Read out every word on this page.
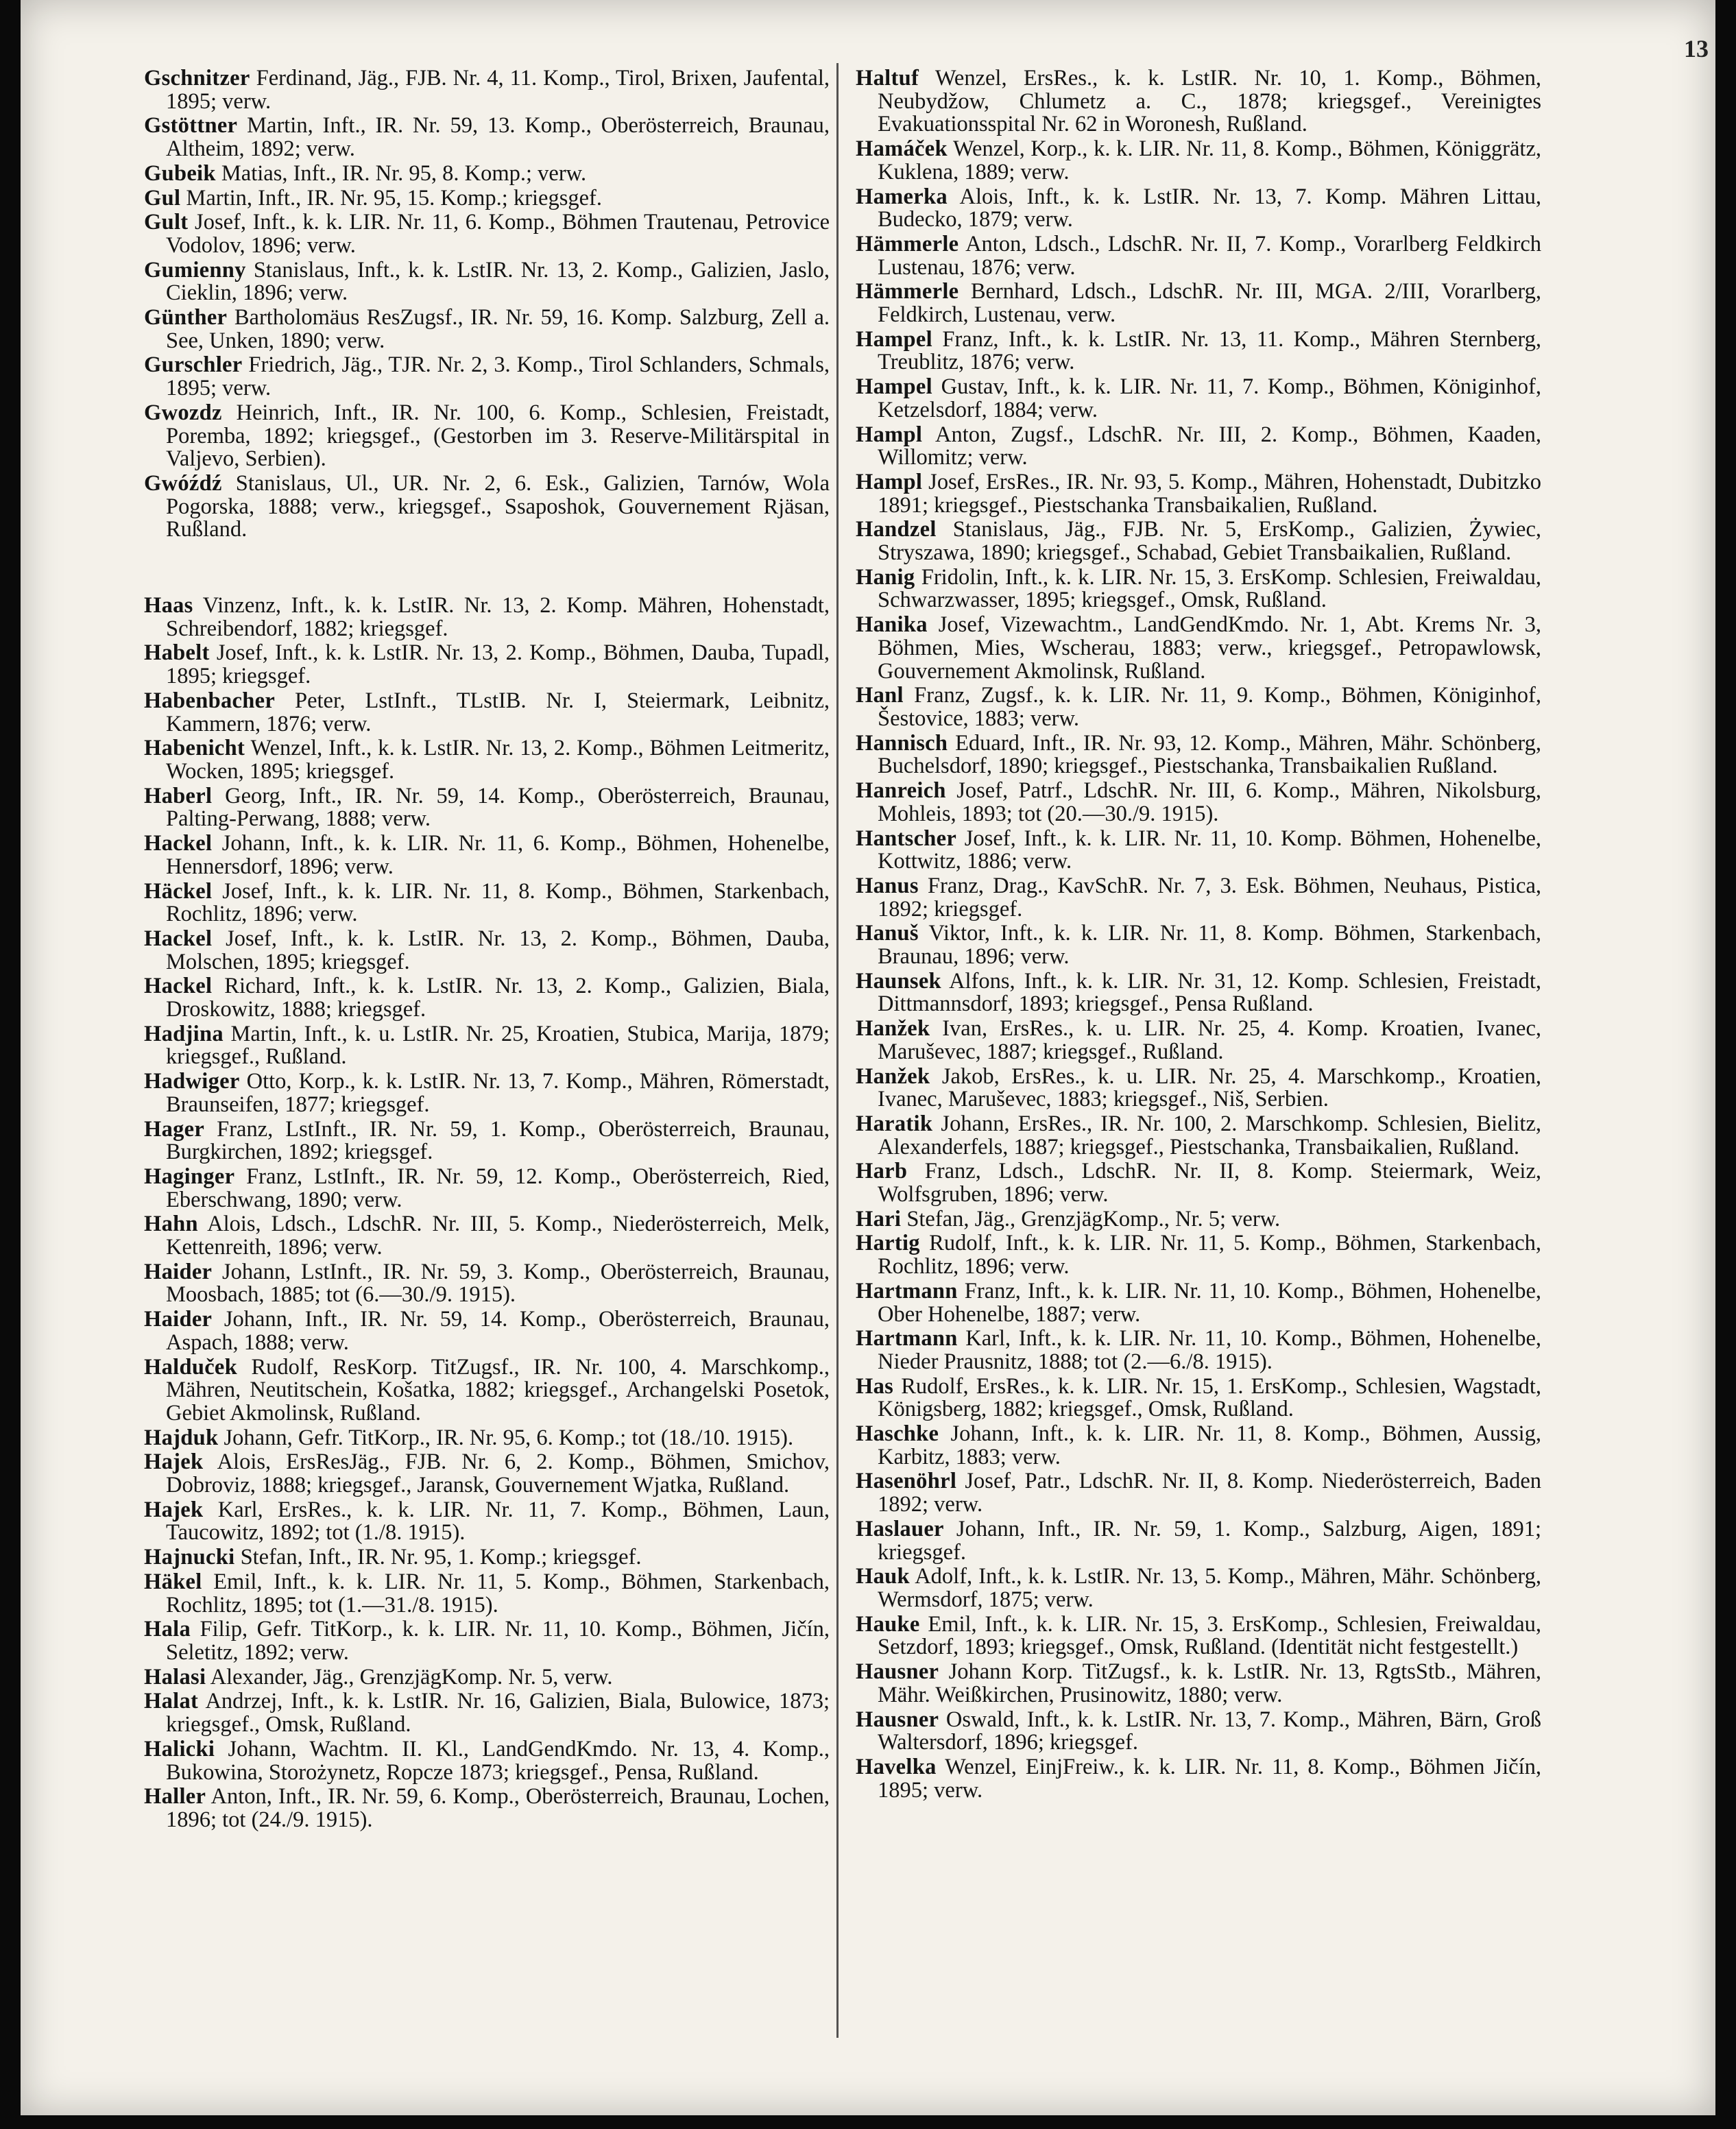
13

Gschnitzer Ferdinand, Jäg., FJB. Nr. 4, 11. Komp., Tirol, Brixen, Jaufental, 1895; verw.

Gstöttner Martin, Inft., IR. Nr. 59, 13. Komp., Oberösterreich, Braunau, Altheim, 1892; verw.

Gubeik Matias, Inft., IR. Nr. 95, 8. Komp.; verw.

Gul Martin, Inft., IR. Nr. 95, 15. Komp.; kriegsgef.

Gult Josef, Inft., k. k. LIR. Nr. 11, 6. Komp., Böhmen Trautenau, Petrovice Vodolov, 1896; verw.

Gumienny Stanislaus, Inft., k. k. LstIR. Nr. 13, 2. Komp., Galizien, Jaslo, Cieklin, 1896; verw.

Günther Bartholomäus ResZugsf., IR. Nr. 59, 16. Komp. Salzburg, Zell a. See, Unken, 1890; verw.

Gurschler Friedrich, Jäg., TJR. Nr. 2, 3. Komp., Tirol Schlanders, Schmals, 1895; verw.

Gwozdz Heinrich, Inft., IR. Nr. 100, 6. Komp., Schlesien, Freistadt, Poremba, 1892; kriegsgef., (Gestorben im 3. Reserve-Militärspital in Valjevo, Serbien).

Gwóźdź Stanislaus, Ul., UR. Nr. 2, 6. Esk., Galizien, Tarnów, Wola Pogorska, 1888; verw., kriegsgef., Ssaposhok, Gouvernement Rjäsan, Rußland.

Haas Vinzenz, Inft., k. k. LstIR. Nr. 13, 2. Komp. Mähren, Hohenstadt, Schreibendorf, 1882; kriegsgef.

Habelt Josef, Inft., k. k. LstIR. Nr. 13, 2. Komp., Böhmen, Dauba, Tupadl, 1895; kriegsgef.

Habenbacher Peter, LstInft., TLstIB. Nr. I, Steiermark, Leibnitz, Kammern, 1876; verw.

Habenicht Wenzel, Inft., k. k. LstIR. Nr. 13, 2. Komp., Böhmen Leitmeritz, Wocken, 1895; kriegsgef.

Haberl Georg, Inft., IR. Nr. 59, 14. Komp., Oberösterreich, Braunau, Palting-Perwang, 1888; verw.

Hackel Johann, Inft., k. k. LIR. Nr. 11, 6. Komp., Böhmen, Hohenelbe, Hennersdorf, 1896; verw.

Häckel Josef, Inft., k. k. LIR. Nr. 11, 8. Komp., Böhmen, Starkenbach, Rochlitz, 1896; verw.

Hackel Josef, Inft., k. k. LstIR. Nr. 13, 2. Komp., Böhmen, Dauba, Molschen, 1895; kriegsgef.

Hackel Richard, Inft., k. k. LstIR. Nr. 13, 2. Komp., Galizien, Biala, Droskowitz, 1888; kriegsgef.

Hadjina Martin, Inft., k. u. LstIR. Nr. 25, Kroatien, Stubica, Marija, 1879; kriegsgef., Rußland.

Hadwiger Otto, Korp., k. k. LstIR. Nr. 13, 7. Komp., Mähren, Römerstadt, Braunseifen, 1877; kriegsgef.

Hager Franz, LstInft., IR. Nr. 59, 1. Komp., Oberösterreich, Braunau, Burgkirchen, 1892; kriegsgef.

Haginger Franz, LstInft., IR. Nr. 59, 12. Komp., Oberösterreich, Ried, Eberschwang, 1890; verw.

Hahn Alois, Ldsch., LdschR. Nr. III, 5. Komp., Niederösterreich, Melk, Kettenreith, 1896; verw.

Haider Johann, LstInft., IR. Nr. 59, 3. Komp., Oberösterreich, Braunau, Moosbach, 1885; tot (6.—30./9. 1915).

Haider Johann, Inft., IR. Nr. 59, 14. Komp., Oberösterreich, Braunau, Aspach, 1888; verw.

Halduček Rudolf, ResKorp. TitZugsf., IR. Nr. 100, 4. Marschkomp., Mähren, Neutitschein, Košatka, 1882; kriegsgef., Archangelski Posetok, Gebiet Akmolinsk, Rußland.

Hajduk Johann, Gefr. TitKorp., IR. Nr. 95, 6. Komp.; tot (18./10. 1915).

Hajek Alois, ErsResJäg., FJB. Nr. 6, 2. Komp., Böhmen, Smichov, Dobroviz, 1888; kriegsgef., Jaransk, Gouvernement Wjatka, Rußland.

Hajek Karl, ErsRes., k. k. LIR. Nr. 11, 7. Komp., Böhmen, Laun, Taucowitz, 1892; tot (1./8. 1915).

Hajnucki Stefan, Inft., IR. Nr. 95, 1. Komp.; kriegsgef.

Häkel Emil, Inft., k. k. LIR. Nr. 11, 5. Komp., Böhmen, Starkenbach, Rochlitz, 1895; tot (1.—31./8. 1915).

Hala Filip, Gefr. TitKorp., k. k. LIR. Nr. 11, 10. Komp., Böhmen, Jičín, Seletitz, 1892; verw.

Halasi Alexander, Jäg., GrenzjägKomp. Nr. 5, verw.

Halat Andrzej, Inft., k. k. LstIR. Nr. 16, Galizien, Biala, Bulowice, 1873; kriegsgef., Omsk, Rußland.

Halicki Johann, Wachtm. II. Kl., LandGendKmdo. Nr. 13, 4. Komp., Bukowina, Storożynetz, Ropcze 1873; kriegsgef., Pensa, Rußland.

Haller Anton, Inft., IR. Nr. 59, 6. Komp., Oberösterreich, Braunau, Lochen, 1896; tot (24./9. 1915).

Haltuf Wenzel, ErsRes., k. k. LstIR. Nr. 10, 1. Komp., Böhmen, Neubydžow, Chlumetz a. C., 1878; kriegsgef., Vereinigtes Evakuationsspital Nr. 62 in Woronesh, Rußland.

Hamáček Wenzel, Korp., k. k. LIR. Nr. 11, 8. Komp., Böhmen, Königgrätz, Kuklena, 1889; verw.

Hamerka Alois, Inft., k. k. LstIR. Nr. 13, 7. Komp. Mähren Littau, Budecko, 1879; verw.

Hämmerle Anton, Ldsch., LdschR. Nr. II, 7. Komp., Vorarlberg Feldkirch Lustenau, 1876; verw.

Hämmerle Bernhard, Ldsch., LdschR. Nr. III, MGA. 2/III, Vorarlberg, Feldkirch, Lustenau, verw.

Hampel Franz, Inft., k. k. LstIR. Nr. 13, 11. Komp., Mähren Sternberg, Treublitz, 1876; verw.

Hampel Gustav, Inft., k. k. LIR. Nr. 11, 7. Komp., Böhmen, Königinhof, Ketzelsdorf, 1884; verw.

Hampl Anton, Zugsf., LdschR. Nr. III, 2. Komp., Böhmen, Kaaden, Willomitz; verw.

Hampl Josef, ErsRes., IR. Nr. 93, 5. Komp., Mähren, Hohenstadt, Dubitzko 1891; kriegsgef., Piestschanka Transbaikalien, Rußland.

Handzel Stanislaus, Jäg., FJB. Nr. 5, ErsKomp., Galizien, Żywiec, Stryszawa, 1890; kriegsgef., Schabad, Gebiet Transbaikalien, Rußland.

Hanig Fridolin, Inft., k. k. LIR. Nr. 15, 3. ErsKomp. Schlesien, Freiwaldau, Schwarzwasser, 1895; kriegsgef., Omsk, Rußland.

Hanika Josef, Vizewachtm., LandGendKmdo. Nr. 1, Abt. Krems Nr. 3, Böhmen, Mies, Wscherau, 1883; verw., kriegsgef., Petropawlowsk, Gouvernement Akmolinsk, Rußland.

Hanl Franz, Zugsf., k. k. LIR. Nr. 11, 9. Komp., Böhmen, Königinhof, Šestovice, 1883; verw.

Hannisch Eduard, Inft., IR. Nr. 93, 12. Komp., Mähren, Mähr. Schönberg, Buchelsdorf, 1890; kriegsgef., Piestschanka, Transbaikalien Rußland.

Hanreich Josef, Patrf., LdschR. Nr. III, 6. Komp., Mähren, Nikolsburg, Mohleis, 1893; tot (20.—30./9. 1915).

Hantscher Josef, Inft., k. k. LIR. Nr. 11, 10. Komp. Böhmen, Hohenelbe, Kottwitz, 1886; verw.

Hanus Franz, Drag., KavSchR. Nr. 7, 3. Esk. Böhmen, Neuhaus, Pistica, 1892; kriegsgef.

Hanuš Viktor, Inft., k. k. LIR. Nr. 11, 8. Komp. Böhmen, Starkenbach, Braunau, 1896; verw.

Haunsek Alfons, Inft., k. k. LIR. Nr. 31, 12. Komp. Schlesien, Freistadt, Dittmannsdorf, 1893; kriegsgef., Pensa Rußland.

Hanžek Ivan, ErsRes., k. u. LIR. Nr. 25, 4. Komp. Kroatien, Ivanec, Maruševec, 1887; kriegsgef., Rußland.

Hanžek Jakob, ErsRes., k. u. LIR. Nr. 25, 4. Marschkomp., Kroatien, Ivanec, Maruševec, 1883; kriegsgef., Niš, Serbien.

Haratik Johann, ErsRes., IR. Nr. 100, 2. Marschkomp. Schlesien, Bielitz, Alexanderfels, 1887; kriegsgef., Piestschanka, Transbaikalien, Rußland.

Harb Franz, Ldsch., LdschR. Nr. II, 8. Komp. Steiermark, Weiz, Wolfsgruben, 1896; verw.

Hari Stefan, Jäg., GrenzjägKomp., Nr. 5; verw.

Hartig Rudolf, Inft., k. k. LIR. Nr. 11, 5. Komp., Böhmen, Starkenbach, Rochlitz, 1896; verw.

Hartmann Franz, Inft., k. k. LIR. Nr. 11, 10. Komp., Böhmen, Hohenelbe, Ober Hohenelbe, 1887; verw.

Hartmann Karl, Inft., k. k. LIR. Nr. 11, 10. Komp., Böhmen, Hohenelbe, Nieder Prausnitz, 1888; tot (2.—6./8. 1915).

Has Rudolf, ErsRes., k. k. LIR. Nr. 15, 1. ErsKomp., Schlesien, Wagstadt, Königsberg, 1882; kriegsgef., Omsk, Rußland.

Haschke Johann, Inft., k. k. LIR. Nr. 11, 8. Komp., Böhmen, Aussig, Karbitz, 1883; verw.

Hasenöhrl Josef, Patr., LdschR. Nr. II, 8. Komp. Niederösterreich, Baden 1892; verw.

Haslauer Johann, Inft., IR. Nr. 59, 1. Komp., Salzburg, Aigen, 1891; kriegsgef.

Hauk Adolf, Inft., k. k. LstIR. Nr. 13, 5. Komp., Mähren, Mähr. Schönberg, Wermsdorf, 1875; verw.

Hauke Emil, Inft., k. k. LIR. Nr. 15, 3. ErsKomp., Schlesien, Freiwaldau, Setzdorf, 1893; kriegsgef., Omsk, Rußland. (Identität nicht festgestellt.)

Hausner Johann Korp. TitZugsf., k. k. LstIR. Nr. 13, RgtsStb., Mähren, Mähr. Weißkirchen, Prusinowitz, 1880; verw.

Hausner Oswald, Inft., k. k. LstIR. Nr. 13, 7. Komp., Mähren, Bärn, Groß Waltersdorf, 1896; kriegsgef.

Havelka Wenzel, EinjFreiw., k. k. LIR. Nr. 11, 8. Komp., Böhmen Jičín, 1895; verw.
